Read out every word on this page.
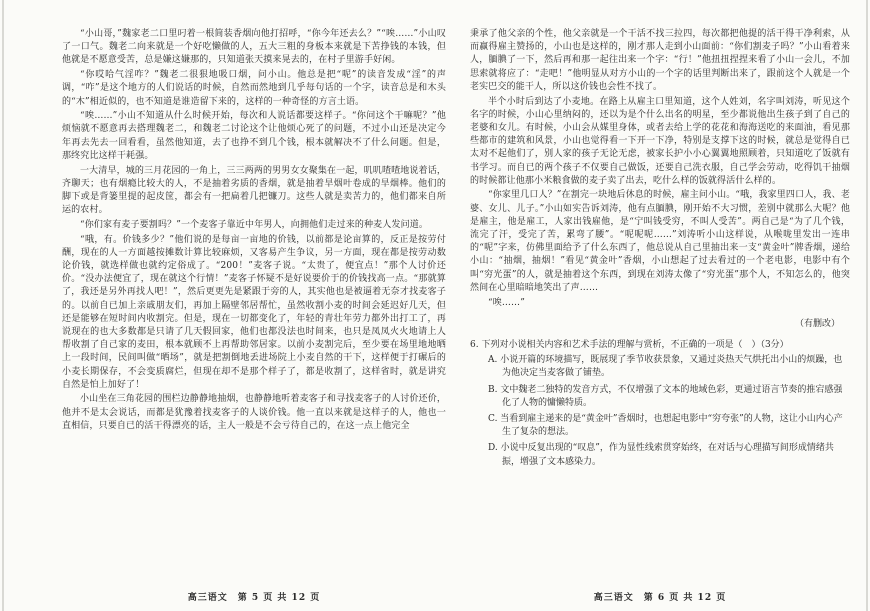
“小山哥，”魏家老二口里叼着一根简装香烟向他打招呼，“你今年还去么？”“唉……”小山叹了一口气。魏老二向来就是一个好吃懒做的人，五大三粗的身板本来就是下苦挣钱的本钱，但他就是不愿意受苦，总是嫌这嫌那的，只知道张天摸来晃去的，在村子里游手好闲。

“你哎哈气淫咋？”魏老二很狠地吸口烟，问小山。他总是把“呢”的读音发成“淫”的声调，“咋”是这个地方的人们说话的时候，自然而然地到几乎每句话的一个字，读音总是和木头的“木”相近似的，也不知道是谁造留下来的，这样的一种奇怪的方言土语。

“唉……”小山不知道从什么时候开始，每次和人说话都要这样子。“你问这个干嘛呢？”他烦恼就不愿意再去搭理魏老二，和魏老二讨论这个让他烦心死了的问题，不过小山还是决定今年再去先去一回看看，虽然他知道，去了也挣不到几个钱，根本就解决不了什么问题。但是，那终究比这样干耗强。

一大清早，城的三月花园的一角上，三三两两的男男女女聚集在一起，叽叽喳喳地说着话，齐聊天；也有烟瘾比较大的人，不是抽着劣质的香烟，就是抽着旱烟叶卷成的旱烟棒。他们的脚下或是背篓里提的起皮筐，都会有一把扁着几把镰刀。这些人就是卖苦力的，他们都来自所运的农村。

“你们家有麦子要割吗？”一个麦客子靠近中年男人，向拥他们走过来的种麦人发问道。

“哦，有。价钱多少？”他们说的是每亩一亩地的价钱，以前都是论亩算的，反正是按劳付酬，现在的人一方面越按摊数计算比较麻烦，又客易产生争议，另一方面，现在都是按劳动数论价钱，就选样做也就约定俗成了。“200！”麦客子说。“太贵了，便宜点！”那个人讨价还价。“没办法便宜了，现在就这个行情！”麦客子怀疑不是好说要价于的价钱找高一点。“那就算了，我还是另外再找人吧！”，然后更更先是紧跟于旁的人，其实他也是被逼着无奈才找麦客子的。以前自已加上亲戚朋友们，再加上隔壁邻居帮忙，虽然收割小麦的时间会延迟好几天，但还是能够在短时间内收割完。但是，现在一切都变化了，年轻的青壮年劳力都外出打工了，再说现在的也大多数都是只请了几天假回家，他们也都没法也时间来，也只是凤凤火火地请上人帮收割了自己家的麦田，根本就顾不上再帮助邻居家。以前小麦割完后，至少要在场里地地晒上一段时间，民间叫做“晒场”，就是把割倒地丢进场院上小麦自然的干下，这样便于打碾后的小麦长期保存，不会变质腐烂，但现在却不是那个样子了，都是收割了，这样省时，就是讲究自然是怕上加好了！

小山坐在三角花园的围栏边静静地抽烟，也静静地听着麦客子和寻找麦客子的人讨价还价，他并不是太会说话，而都是犹豫着找麦客子的人谈价钱。他一直以来就是这样子的人，他也一直相信，只要自已的活干得漂亮的话，主人一般是不会亏待自己的，在这一点上他完全

高三语文　第 5 页 共 12 页

秉承了他父亲的个性，他父亲就是一个干活不找三拉四，每次都把他提的活干得干净利索，从而赢得雇主赞扬的，小山也是这样的，刚才那人走到小山面前：“你们割麦子吗？”小山看着来人，腼腆了一下，然后再和那一起往出来一个字：“行！”他扭扭捏捏来看了小山一会儿，不加思索就将应了：“走吧！”他明显从对方小山的一个字的话里判断出来了，跟前这个人就是一个老实巴交的能干人，所以这价钱也会性不找了。

半个小时后到达了小麦地。在路上从雇主口里知道，这个人姓刘，名字叫刘涛，听见这个名字的时候，小山心里纳闷的，还以为是个什么出名的明星，至少都说他出生孩子到了自己的老婆和女儿。有时候，小山会从媒里身体，或者去给上学的花花和海海送吃的来面油，看见那些都市的建筑和风景，小山也觉得看一下开一下净，特别是支撑下这的时候，就总是觉得自已太对不起他们了，别人家的孩子无论无虑，被家长护小小心翼翼地照顾着，只知道吃了饭就有书学习。而自已的两个孩子不仅要自己做饭，还要自己洗衣服，自己学会劳动，吃得饥干抽烟的时候都让他那小米粮食做的麦子卖了出去，吃什么样的饭就得活什么样的。

“你家里几口人？”在割完一块地后休息的时候，雇主问小山。“哦，我家里四口人，我、老婆、女儿、儿子。”小山如实告诉刘涛，他有点腼腆，刚开始不大习惯，差别中就那么大呢？他是雇主，他是雇工，人家出钱雇他，是“宁叫钱受穷，不叫人受苦”。两自己是“为了几个钱，流完了汗，受完了苦，累弯了腰”。“呢呢呢……”刘涛听小山这样说，从喉咙里发出一连串的“呢”字来，仿佛里面给予了什么东西了，他总说从自己里抽出来一支“黄金叶”牌香烟，递给小山：“抽烟，抽烟！”看见“黄金叶”香烟，小山想起了过去看过的一个老电影，电影中有个叫“穷光蛋”的人，就是抽着这个东西，到现在刘涛太像了“穷光蛋”那个人，不知怎么的，他突然间在心里暗暗地笑出了声……

“唉……”

（有删改）

6. 下列对小说相关内容和艺术手法的理解与赏析，不正确的一项是（　）（3分）

A. 小说开篇的环境描写，既展现了季节收获景象，又通过炎热天气烘托出小山的烦躁，也为他决定当麦客做了铺垫。

B. 文中魏老二独特的发音方式，不仅增强了文本的地域色彩，更通过语言节奏的推宕感强化了人物的慵懒特质。

C. 当看到雇主递来的是“黄金叶”香烟时，也想起电影中“穷夸张”的人物，这让小山内心产生了复杂的想法。

D. 小说中反复出现的“叹息”，作为显性线索贯穿始终，在对话与心理描写间形成情绪共振，增强了文本感染力。

高三语文　第 6 页 共 12 页
